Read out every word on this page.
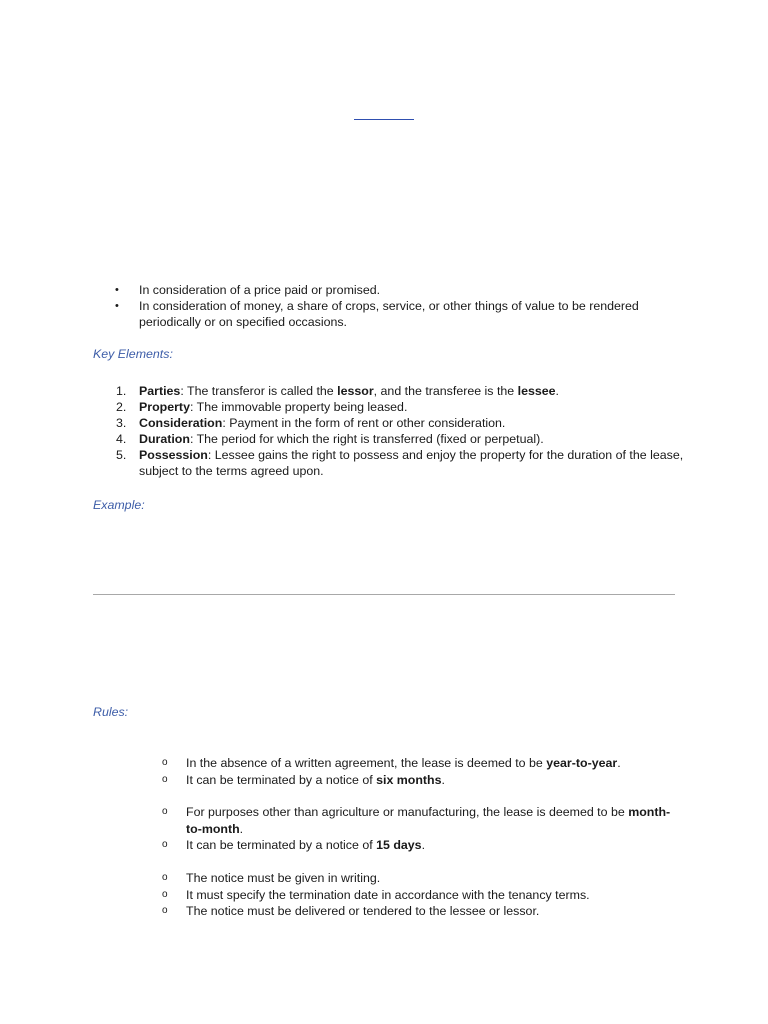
• In consideration of a price paid or promised.
• In consideration of money, a share of crops, service, or other things of value to be rendered periodically or on specified occasions.

Key Elements:

1. Parties: The transferor is called the lessor, and the transferee is the lessee.
2. Property: The immovable property being leased.
3. Consideration: Payment in the form of rent or other consideration.
4. Duration: The period for which the right is transferred (fixed or perpetual).
5. Possession: Lessee gains the right to possess and enjoy the property for the duration of the lease, subject to the terms agreed upon.

Example:

Rules:

o In the absence of a written agreement, the lease is deemed to be year-to-year.
o It can be terminated by a notice of six months.
o For purposes other than agriculture or manufacturing, the lease is deemed to be month-to-month.
o It can be terminated by a notice of 15 days.
o The notice must be given in writing.
o It must specify the termination date in accordance with the tenancy terms.
o The notice must be delivered or tendered to the lessee or lessor.
